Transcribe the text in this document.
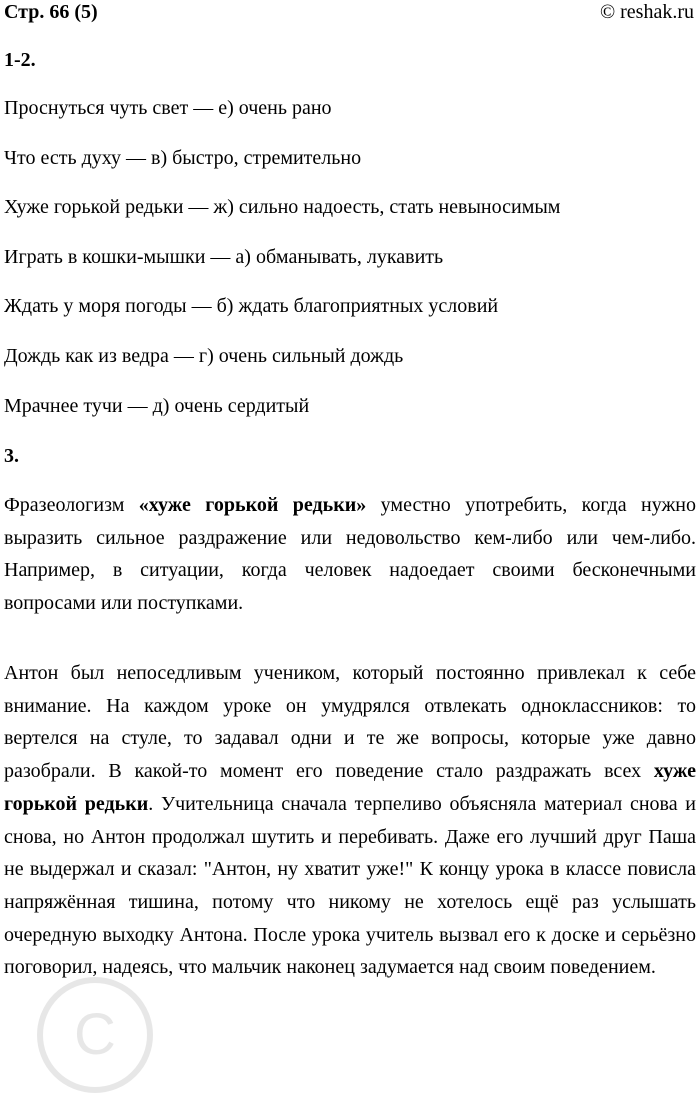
Стр. 66 (5)	© reshak.ru
1-2.
Проснуться чуть свет — е) очень рано
Что есть духу — в) быстро, стремительно
Хуже горькой редьки — ж) сильно надоесть, стать невыносимым
Играть в кошки-мышки — а) обманывать, лукавить
Ждать у моря погоды — б) ждать благоприятных условий
Дождь как из ведра — г) очень сильный дождь
Мрачнее тучи — д) очень сердитый
3.
Фразеологизм «хуже горькой редьки» уместно употребить, когда нужно выразить сильное раздражение или недовольство кем-либо или чем-либо. Например, в ситуации, когда человек надоедает своими бесконечными вопросами или поступками.
Антон был непоседливым учеником, который постоянно привлекал к себе внимание. На каждом уроке он умудрялся отвлекать одноклассников: то вертелся на стуле, то задавал одни и те же вопросы, которые уже давно разобрали. В какой-то момент его поведение стало раздражать всех хуже горькой редьки. Учительница сначала терпеливо объясняла материал снова и снова, но Антон продолжал шутить и перебивать. Даже его лучший друг Паша не выдержал и сказал: "Антон, ну хватит уже!" К концу урока в классе повисла напряжённая тишина, потому что никому не хотелось ещё раз услышать очередную выходку Антона. После урока учитель вызвал его к доске и серьёзно поговорил, надеясь, что мальчик наконец задумается над своим поведением.
C
